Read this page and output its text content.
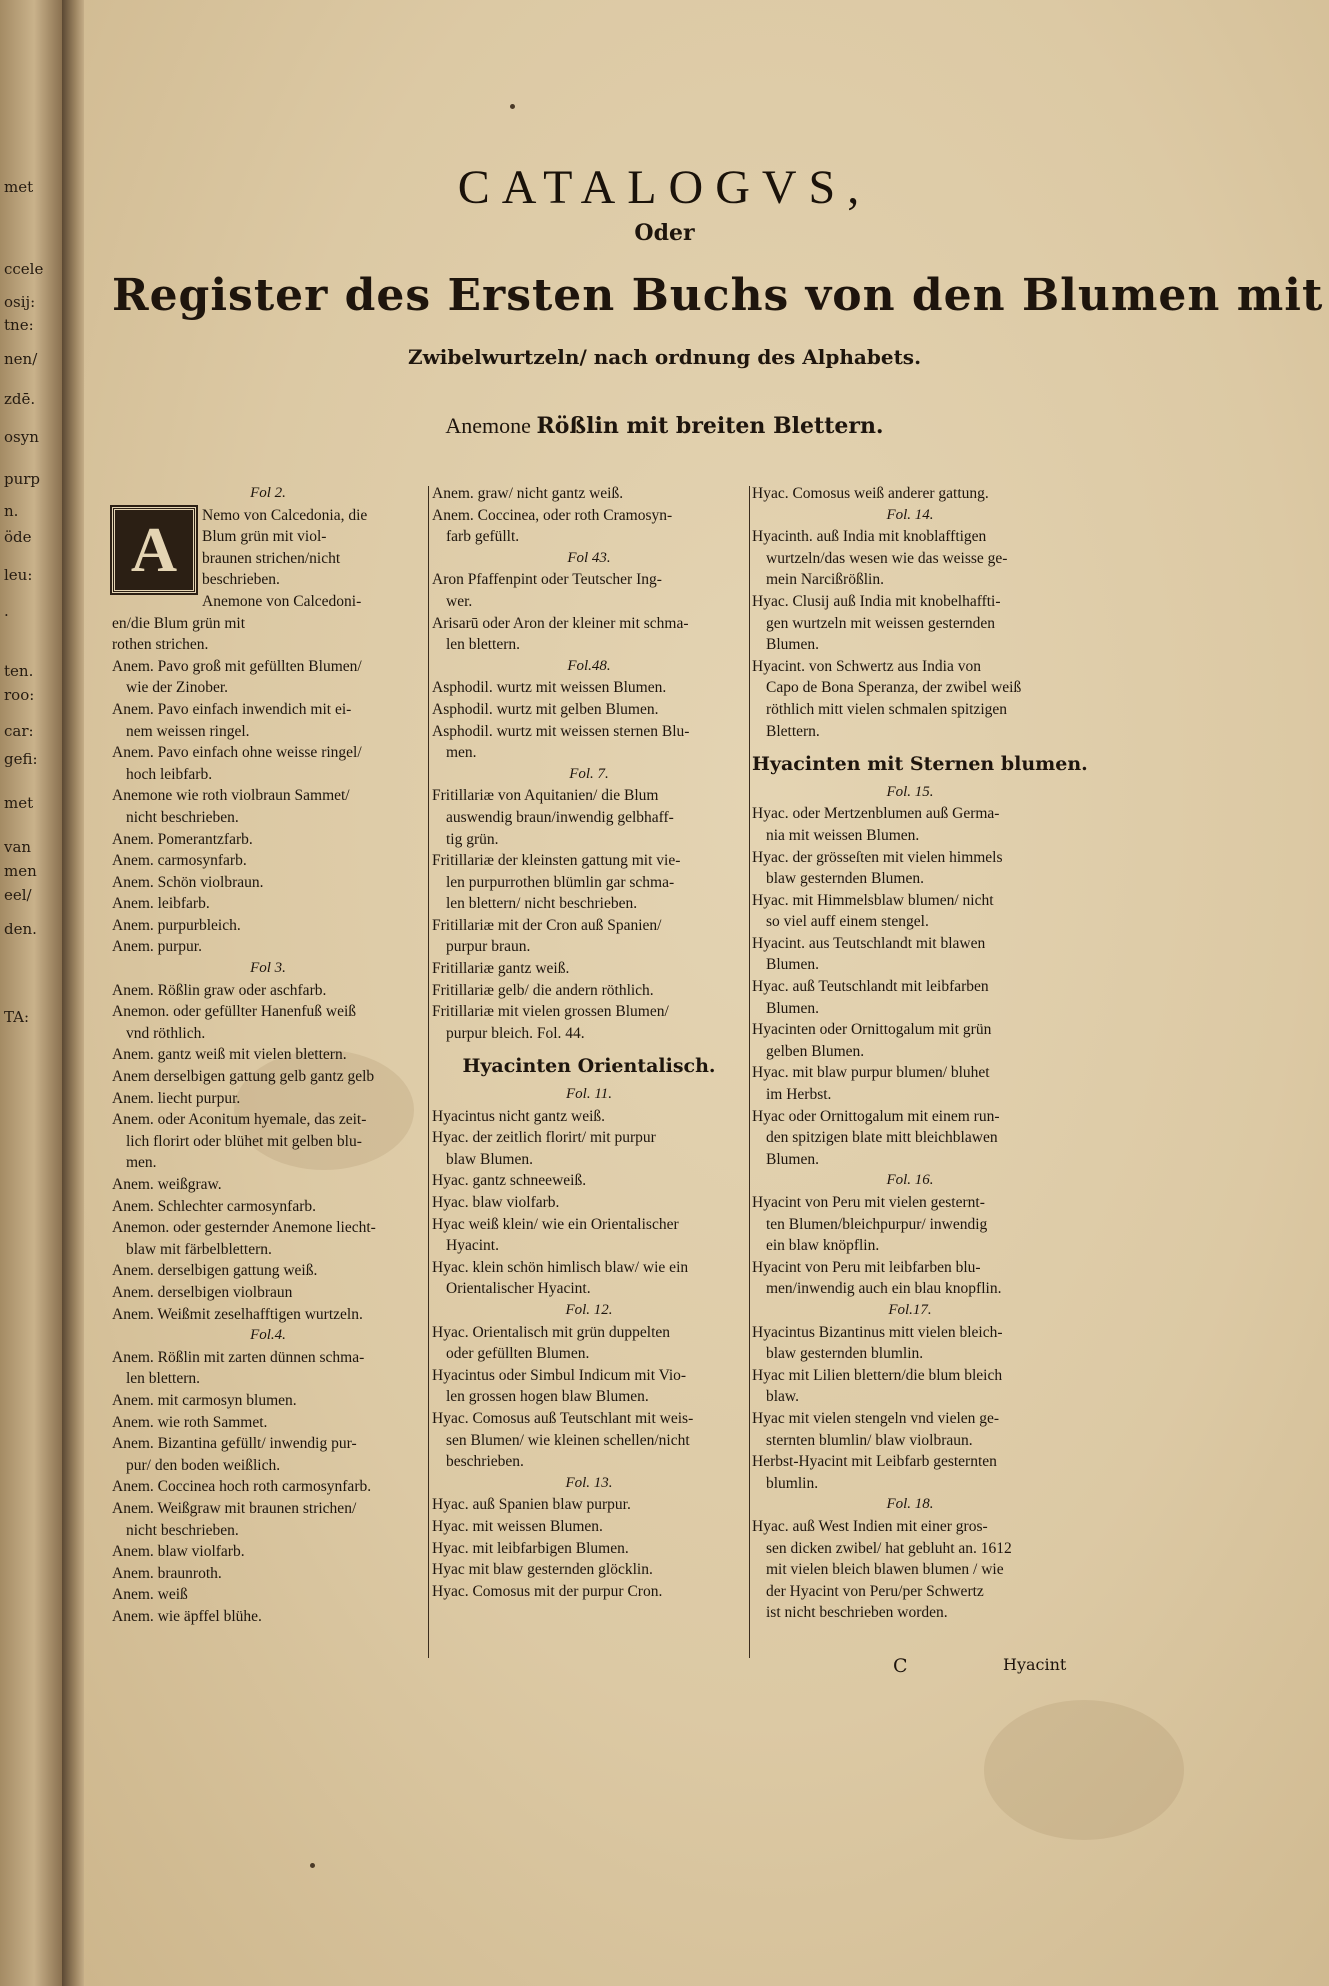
met
ccele
osij:
tne:
nen/
zdē.
osyn
purp
n.
öde
leu:
.
ten.
roo:
car:
gefi:
met
van
men
eel/
den.
TA:
CATALOGVS,
Oder
Register des Ersten Buchs von den Blumen mit
Zwibelwurtzeln/ nach ordnung des Alphabets.
Anemone Rößlin mit breiten Blettern.
Fol 2.
A	Nemo von Calcedonia, die
Blum grün mit viol-
braunen strichen/nicht
beschrieben.
Anemone von Calcedoni-
en/die Blum grün mit
rothen strichen.
Anem. Pavo groß mit gefüllten Blumen/
wie der Zinober.
Anem. Pavo einfach inwendich mit ei-
nem weissen ringel.
Anem. Pavo einfach ohne weisse ringel/
hoch leibfarb.
Anemone wie roth violbraun Sammet/
nicht beschrieben.
Anem. Pomerantzfarb.
Anem. carmosynfarb.
Anem. Schön violbraun.
Anem. leibfarb.
Anem. purpurbleich.
Anem. purpur.
Fol 3.
Anem. Rößlin graw oder aschfarb.
Anemon. oder gefüllter Hanenfuß weiß
vnd röthlich.
Anem. gantz weiß mit vielen blettern.
Anem derselbigen gattung gelb gantz gelb
Anem. liecht purpur.
Anem. oder Aconitum hyemale, das zeit-
lich florirt oder blühet mit gelben blu-
men.
Anem. weißgraw.
Anem. Schlechter carmosynfarb.
Anemon. oder gesternder Anemone liecht-
blaw mit färbelblettern.
Anem. derselbigen gattung weiß.
Anem. derselbigen violbraun
Anem. Weißmit zeselhafftigen wurtzeln.
Fol.4.
Anem. Rößlin mit zarten dünnen schma-
len blettern.
Anem. mit carmosyn blumen.
Anem. wie roth Sammet.
Anem. Bizantina gefüllt/ inwendig pur-
pur/ den boden weißlich.
Anem. Coccinea hoch roth carmosynfarb.
Anem. Weißgraw mit braunen strichen/
nicht beschrieben.
Anem. blaw violfarb.
Anem. braunroth.
Anem. weiß
Anem. wie äpffel blühe.
Anem. graw/ nicht gantz weiß.
Anem. Coccinea, oder roth Cramosyn-
farb gefüllt.
Fol 43.
Aron Pfaffenpint oder Teutscher Ing-
wer.
Arisarū oder Aron der kleiner mit schma-
len blettern.
Fol.48.
Asphodil. wurtz mit weissen Blumen.
Asphodil. wurtz mit gelben Blumen.
Asphodil. wurtz mit weissen sternen Blu-
men.
Fol. 7.
Fritillariæ von Aquitanien/ die Blum
auswendig braun/inwendig gelbhaff-
tig grün.
Fritillariæ der kleinsten gattung mit vie-
len purpurrothen blümlin gar schma-
len blettern/ nicht beschrieben.
Fritillariæ mit der Cron auß Spanien/
purpur braun.
Fritillariæ gantz weiß.
Fritillariæ gelb/ die andern röthlich.
Fritillariæ mit vielen grossen Blumen/
purpur bleich. Fol. 44.
Hyacinten Orientalisch.
Fol. 11.
Hyacintus nicht gantz weiß.
Hyac. der zeitlich florirt/ mit purpur
blaw Blumen.
Hyac. gantz schneeweiß.
Hyac. blaw violfarb.
Hyac weiß klein/ wie ein Orientalischer
Hyacint.
Hyac. klein schön himlisch blaw/ wie ein
Orientalischer Hyacint.
Fol. 12.
Hyac. Orientalisch mit grün duppelten
oder gefüllten Blumen.
Hyacintus oder Simbul Indicum mit Vio-
len grossen hogen blaw Blumen.
Hyac. Comosus auß Teutschlant mit weis-
sen Blumen/ wie kleinen schellen/nicht
beschrieben.
Fol. 13.
Hyac. auß Spanien blaw purpur.
Hyac. mit weissen Blumen.
Hyac. mit leibfarbigen Blumen.
Hyac mit blaw gesternden glöcklin.
Hyac. Comosus mit der purpur Cron.
Hyac. Comosus weiß anderer gattung.
Fol. 14.
Hyacinth. auß India mit knoblafftigen
wurtzeln/das wesen wie das weisse ge-
mein Narcißrößlin.
Hyac. Clusij auß India mit knobelhaffti-
gen wurtzeln mit weissen gesternden
Blumen.
Hyacint. von Schwertz aus India von
Capo de Bona Speranza, der zwibel weiß
röthlich mitt vielen schmalen spitzigen
Blettern.
Hyacinten mit Sternen blumen.
Fol. 15.
Hyac. oder Mertzenblumen auß Germa-
nia mit weissen Blumen.
Hyac. der grösseſten mit vielen himmels
blaw gesternden Blumen.
Hyac. mit Himmelsblaw blumen/ nicht
so viel auff einem stengel.
Hyacint. aus Teutschlandt mit blawen
Blumen.
Hyac. auß Teutschlandt mit leibfarben
Blumen.
Hyacinten oder Ornittogalum mit grün
gelben Blumen.
Hyac. mit blaw purpur blumen/ bluhet
im Herbst.
Hyac oder Ornittogalum mit einem run-
den spitzigen blate mitt bleichblawen
Blumen.
Fol. 16.
Hyacint von Peru mit vielen gesternt-
ten Blumen/bleichpurpur/ inwendig
ein blaw knöpflin.
Hyacint von Peru mit leibfarben blu-
men/inwendig auch ein blau knopflin.
Fol.17.
Hyacintus Bizantinus mitt vielen bleich-
blaw gesternden blumlin.
Hyac mit Lilien blettern/die blum bleich
blaw.
Hyac mit vielen stengeln vnd vielen ge-
sternten blumlin/ blaw violbraun.
Herbst-Hyacint mit Leibfarb gesternten
blumlin.
Fol. 18.
Hyac. auß West Indien mit einer gros-
sen dicken zwibel/ hat gebluht an. 1612
mit vielen bleich blawen blumen / wie
der Hyacint von Peru/per Schwertz
ist nicht beschrieben worden.
C	Hyacint
